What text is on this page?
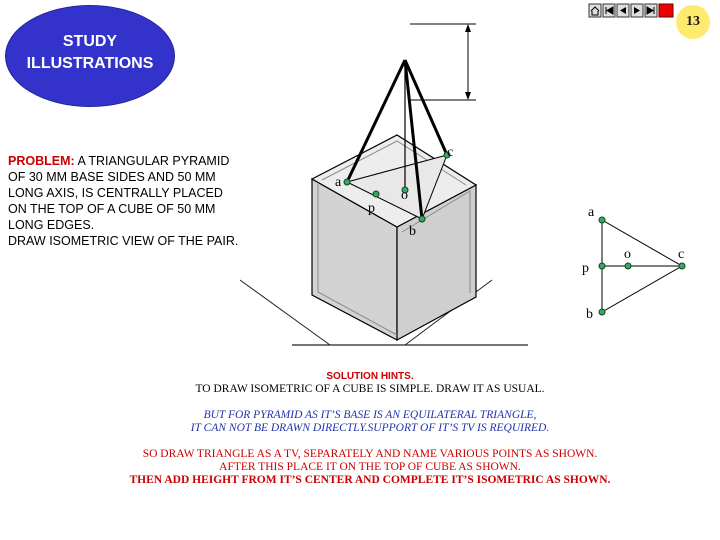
STUDY
ILLUSTRATIONS
13
PROBLEM: A TRIANGULAR PYRAMID
OF 30 MM BASE SIDES AND 50 MM
LONG AXIS, IS CENTRALLY PLACED
ON THE TOP OF A CUBE OF 50 MM
LONG EDGES.
DRAW ISOMETRIC VIEW OF THE PAIR.
a
p
o
b
c
a
p
o	c
b
SOLUTION HINTS.
TO DRAW ISOMETRIC OF A CUBE IS SIMPLE. DRAW IT AS USUAL.
BUT FOR PYRAMID AS IT’S BASE IS AN EQUILATERAL TRIANGLE,
IT CAN NOT BE DRAWN DIRECTLY.SUPPORT OF IT’S TV IS REQUIRED.
SO DRAW TRIANGLE AS A TV, SEPARATELY AND NAME VARIOUS POINTS AS SHOWN.
AFTER THIS PLACE IT ON THE TOP OF CUBE AS SHOWN.
THEN ADD HEIGHT FROM IT’S CENTER AND COMPLETE IT’S ISOMETRIC AS SHOWN.
